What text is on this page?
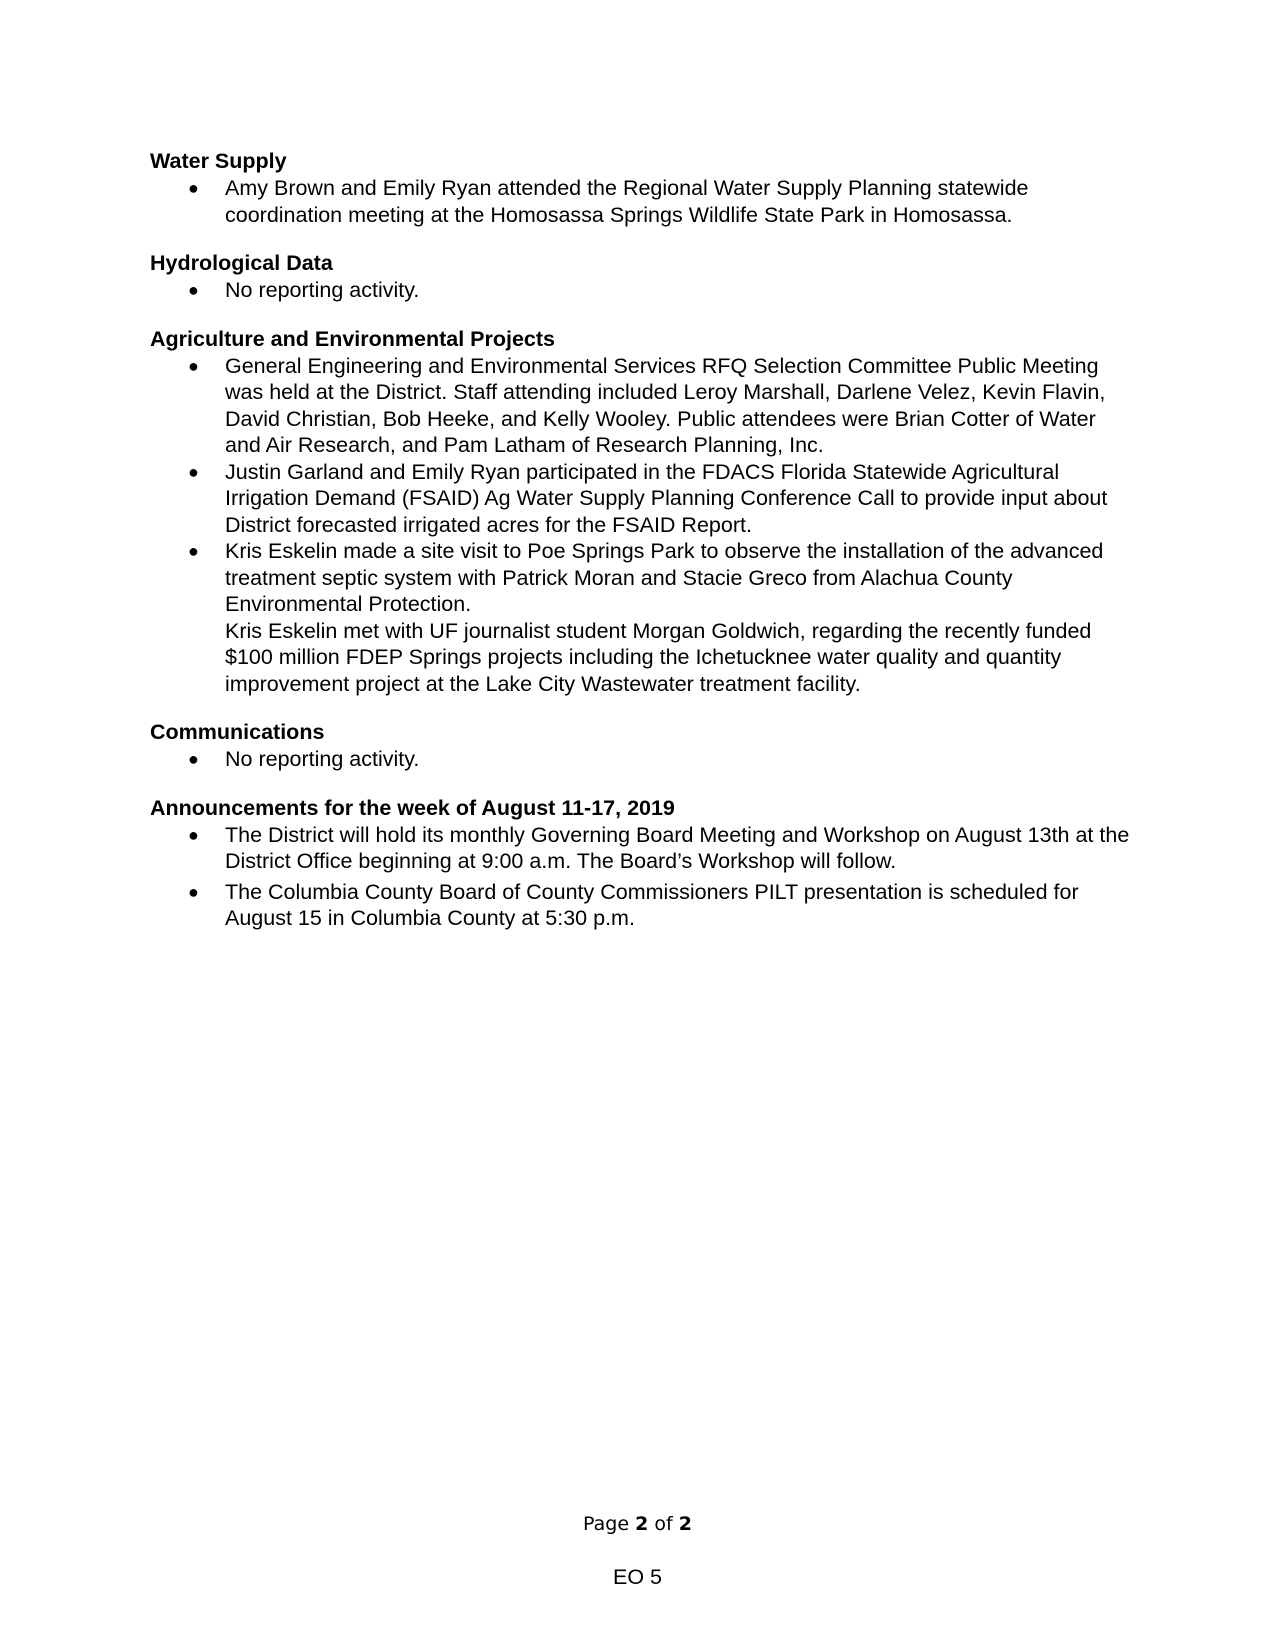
Water Supply

● Amy Brown and Emily Ryan attended the Regional Water Supply Planning statewide coordination meeting at the Homosassa Springs Wildlife State Park in Homosassa.

Hydrological Data

● No reporting activity.

Agriculture and Environmental Projects

● General Engineering and Environmental Services RFQ Selection Committee Public Meeting was held at the District. Staff attending included Leroy Marshall, Darlene Velez, Kevin Flavin, David Christian, Bob Heeke, and Kelly Wooley. Public attendees were Brian Cotter of Water and Air Research, and Pam Latham of Research Planning, Inc.
● Justin Garland and Emily Ryan participated in the FDACS Florida Statewide Agricultural Irrigation Demand (FSAID) Ag Water Supply Planning Conference Call to provide input about District forecasted irrigated acres for the FSAID Report.
● Kris Eskelin made a site visit to Poe Springs Park to observe the installation of the advanced treatment septic system with Patrick Moran and Stacie Greco from Alachua County Environmental Protection.
Kris Eskelin met with UF journalist student Morgan Goldwich, regarding the recently funded $100 million FDEP Springs projects including the Ichetucknee water quality and quantity improvement project at the Lake City Wastewater treatment facility.

Communications

● No reporting activity.

Announcements for the week of August 11-17, 2019

● The District will hold its monthly Governing Board Meeting and Workshop on August 13th at the District Office beginning at 9:00 a.m. The Board’s Workshop will follow.
● The Columbia County Board of County Commissioners PILT presentation is scheduled for August 15 in Columbia County at 5:30 p.m.
Page 2 of 2
EO 5
